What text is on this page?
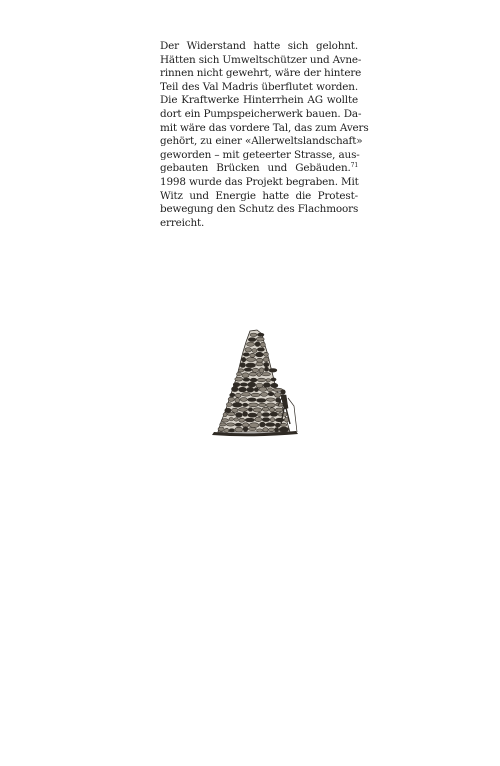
Der Widerstand hatte sich gelohnt.
Hätten sich Umweltschützer und Avne-
rinnen nicht gewehrt, wäre der hintere
Teil des Val Madris überflutet worden.
Die Kraftwerke Hinterrhein AG wollte
dort ein Pumpspeicherwerk bauen. Da-
mit wäre das vordere Tal, das zum Avers
gehört, zu einer «Allerweltslandschaft»
geworden – mit geteerter Strasse, aus-
gebauten Brücken und Gebäuden.$^{71}$
1998 wurde das Projekt begraben. Mit
Witz und Energie hatte die Protest-
bewegung den Schutz des Flachmoors
erreicht.
